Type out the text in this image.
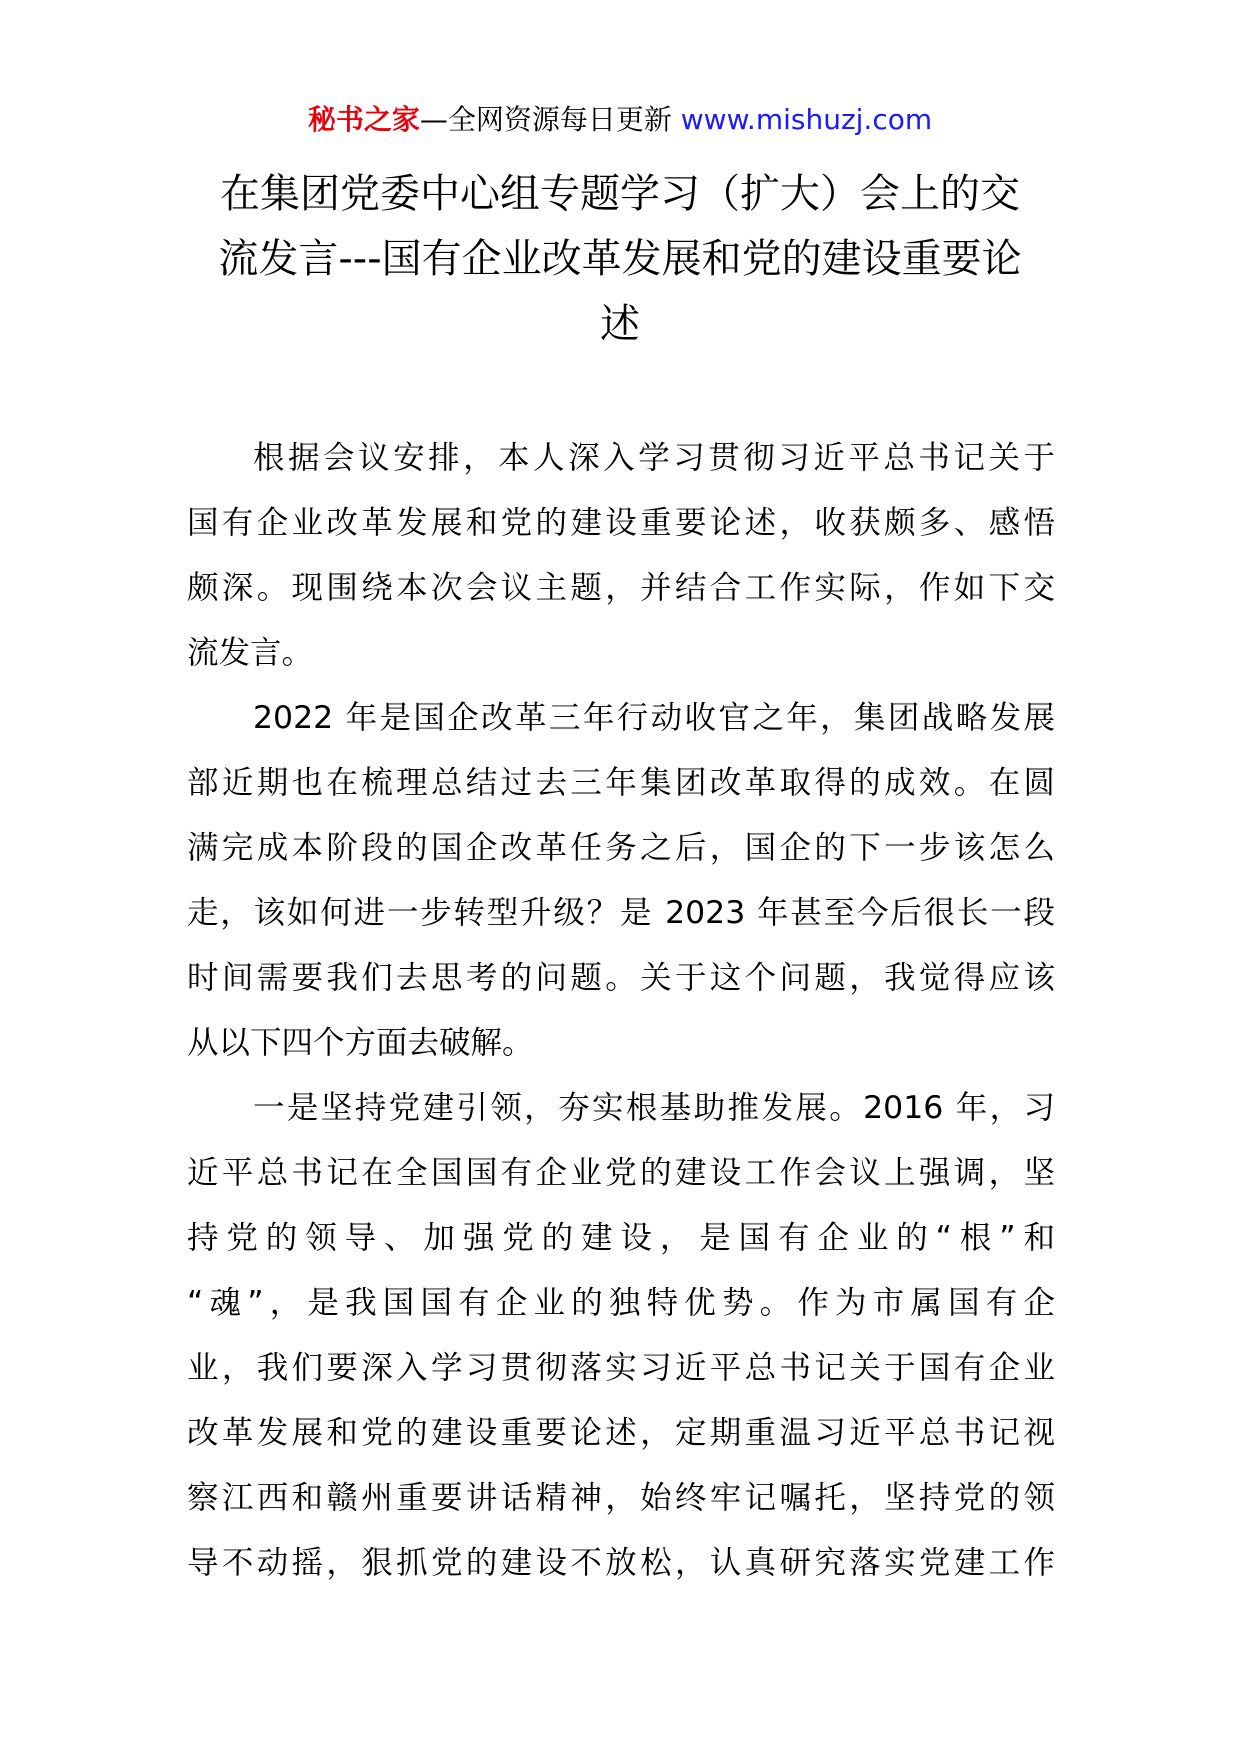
秘书之家—全网资源每日更新 www.mishuzj.com
在集团党委中心组专题学习（扩大）会上的交
流发言---国有企业改革发展和党的建设重要论
述
根据会议安排，本人深入学习贯彻习近平总书记关于
国有企业改革发展和党的建设重要论述，收获颇多、感悟
颇深。现围绕本次会议主题，并结合工作实际，作如下交
流发言。
2022 年是国企改革三年行动收官之年，集团战略发展
部近期也在梳理总结过去三年集团改革取得的成效。在圆
满完成本阶段的国企改革任务之后，国企的下一步该怎么
走，该如何进一步转型升级？是 2023 年甚至今后很长一段
时间需要我们去思考的问题。关于这个问题，我觉得应该
从以下四个方面去破解。
一是坚持党建引领，夯实根基助推发展。2016 年，习
近平总书记在全国国有企业党的建设工作会议上强调，坚
持党的领导、加强党的建设，是国有企业的“根”和
“魂”，是我国国有企业的独特优势。作为市属国有企
业，我们要深入学习贯彻落实习近平总书记关于国有企业
改革发展和党的建设重要论述，定期重温习近平总书记视
察江西和赣州重要讲话精神，始终牢记嘱托，坚持党的领
导不动摇，狠抓党的建设不放松，认真研究落实党建工作
